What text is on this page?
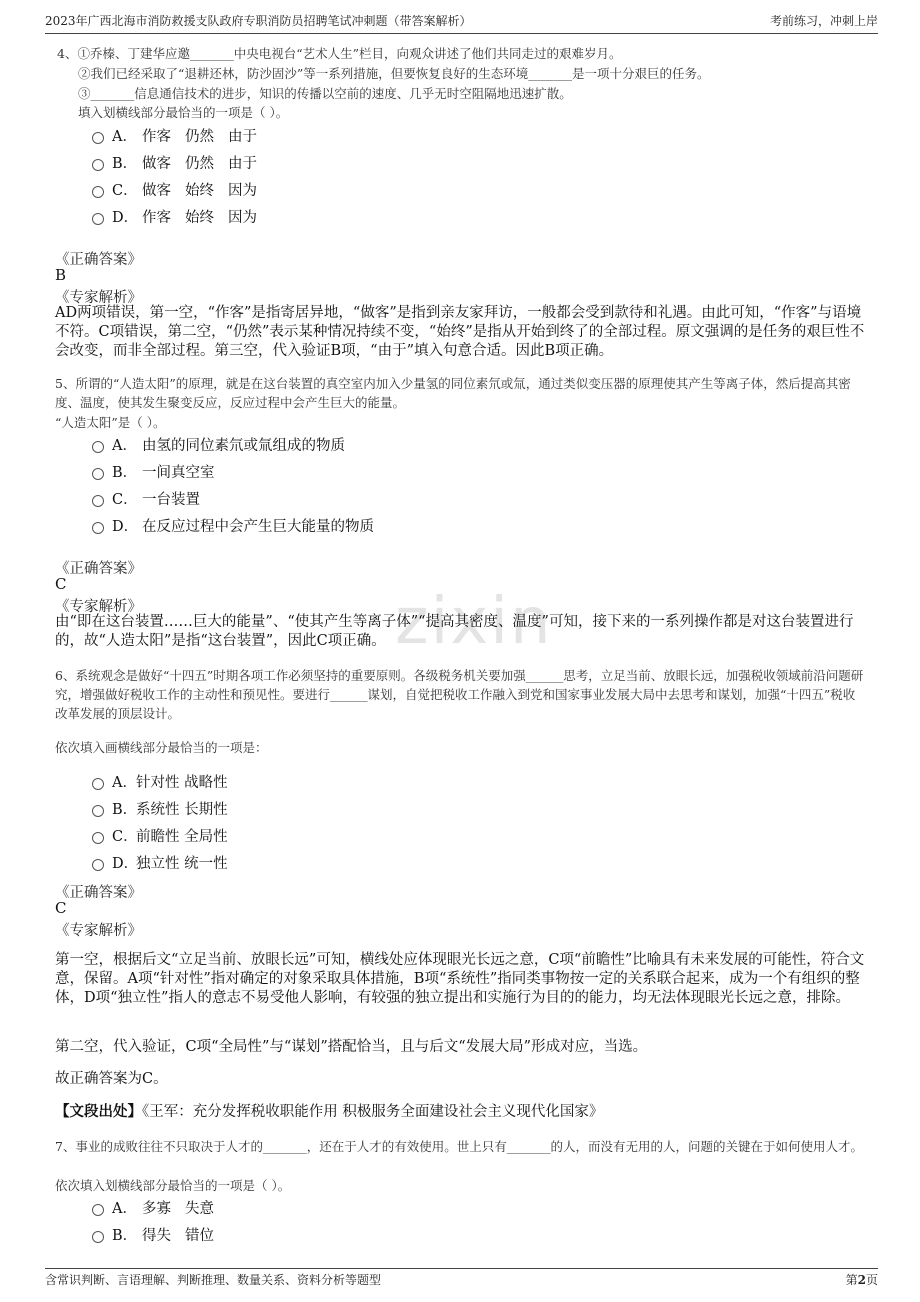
2023年广西北海市消防救援支队政府专职消防员招聘笔试冲刺题（带答案解析）	考前练习，冲刺上岸
zixin
4、①乔榛、丁建华应邀_______中央电视台“艺术人生”栏目，向观众讲述了他们共同走过的艰难岁月。
②我们已经采取了“退耕还林，防沙固沙”等一系列措施，但要恢复良好的生态环境_______是一项十分艰巨的任务。
③_______信息通信技术的进步，知识的传播以空前的速度、几乎无时空阻隔地迅速扩散。
填入划横线部分最恰当的一项是（ ）。
A． 作客 仍然 由于
B． 做客 仍然 由于
C． 做客 始终 因为
D． 作客 始终 因为
《正确答案》
B
《专家解析》
AD两项错误，第一空，“作客”是指寄居异地，“做客”是指到亲友家拜访，一般都会受到款待和礼遇。由此可知，“作客”与语境不符。C项错误，第二空，“仍然”表示某种情况持续不变，“始终”是指从开始到终了的全部过程。原文强调的是任务的艰巨性不会改变，而非全部过程。第三空，代入验证B项，“由于”填入句意合适。因此B项正确。
5、所谓的“人造太阳”的原理，就是在这台装置的真空室内加入少量氢的同位素氘或氚，通过类似变压器的原理使其产生等离子体，然后提高其密度、温度，使其发生聚变反应，反应过程中会产生巨大的能量。
“人造太阳”是（ ）。
A． 由氢的同位素氘或氚组成的物质
B． 一间真空室
C． 一台装置
D． 在反应过程中会产生巨大能量的物质
《正确答案》
C
《专家解析》
由“即在这台装置……巨大的能量”、“使其产生等离子体”“提高其密度、温度”可知，接下来的一系列操作都是对这台装置进行的，故“人造太阳”是指“这台装置”，因此C项正确。
6、系统观念是做好“十四五”时期各项工作必须坚持的重要原则。各级税务机关要加强______思考，立足当前、放眼长远，加强税收领域前沿问题研究，增强做好税收工作的主动性和预见性。要进行______谋划，自觉把税收工作融入到党和国家事业发展大局中去思考和谋划，加强“十四五”税收改革发展的顶层设计。
依次填入画横线部分最恰当的一项是：
A．针对性 战略性
B．系统性 长期性
C．前瞻性 全局性
D．独立性 统一性
《正确答案》
C
《专家解析》
第一空，根据后文“立足当前、放眼长远”可知，横线处应体现眼光长远之意，C项“前瞻性”比喻具有未来发展的可能性，符合文意，保留。A项“针对性”指对确定的对象采取具体措施，B项“系统性”指同类事物按一定的关系联合起来，成为一个有组织的整体，D项“独立性”指人的意志不易受他人影响，有较强的独立提出和实施行为目的的能力，均无法体现眼光长远之意，排除。
第二空，代入验证，C项“全局性”与“谋划”搭配恰当，且与后文“发展大局”形成对应，当选。
故正确答案为C。
【文段出处】《王军：充分发挥税收职能作用 积极服务全面建设社会主义现代化国家》
7、事业的成败往往不只取决于人才的_______，还在于人才的有效使用。世上只有_______的人，而没有无用的人，问题的关键在于如何使用人才。
依次填入划横线部分最恰当的一项是（ ）。
A． 多寡 失意
B． 得失 错位
含常识判断、言语理解、判断推理、数量关系、资料分析等题型	第2页
